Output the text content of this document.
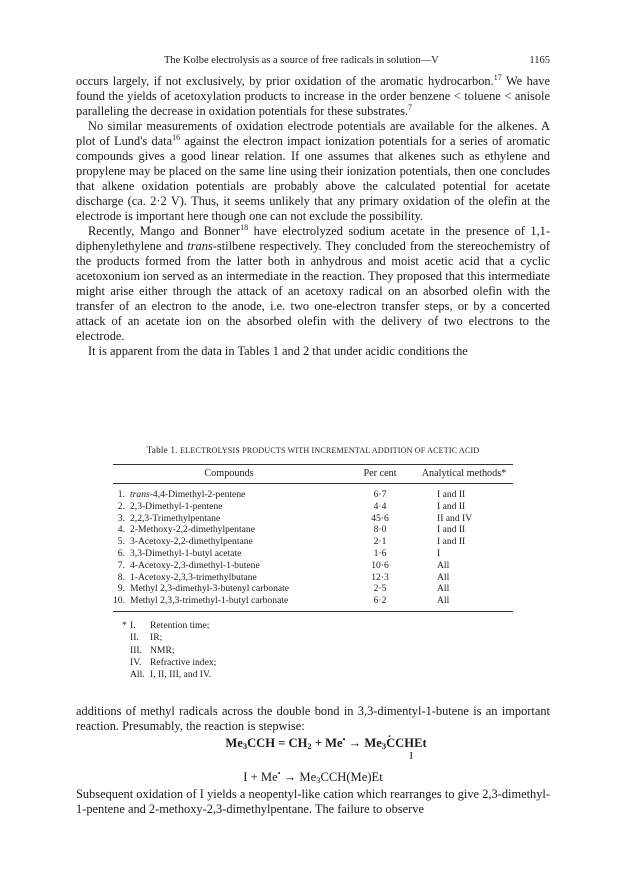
The Kolbe electrolysis as a source of free radicals in solution—V	1165

occurs largely, if not exclusively, by prior oxidation of the aromatic hydrocarbon.$^{17}$ We have found the yields of acetoxylation products to increase in the order benzene < toluene < anisole paralleling the decrease in oxidation potentials for these substrates.$^7$

No similar measurements of oxidation electrode potentials are available for the alkenes. A plot of Lund's data$^{16}$ against the electron impact ionization potentials for a series of aromatic compounds gives a good linear relation. If one assumes that alkenes such as ethylene and propylene may be placed on the same line using their ionization potentials, then one concludes that alkene oxidation potentials are probably above the calculated potential for acetate discharge (ca. 2·2 V). Thus, it seems unlikely that any primary oxidation of the olefin at the electrode is important here though one can not exclude the possibility.

Recently, Mango and Bonner$^{18}$ have electrolyzed sodium acetate in the presence of 1,1-diphenylethylene and trans-stilbene respectively. They concluded from the stereochemistry of the products formed from the latter both in anhydrous and moist acetic acid that a cyclic acetoxonium ion served as an intermediate in the reaction. They proposed that this intermediate might arise either through the attack of an acetoxy radical on an absorbed olefin with the transfer of an electron to the anode, i.e. two one-electron transfer steps, or by a concerted attack of an acetate ion on the absorbed olefin with the delivery of two electrons to the electrode.

It is apparent from the data in Tables 1 and 2 that under acidic conditions the

Table 1. ELECTROLYSIS PRODUCTS WITH INCREMENTAL ADDITION OF ACETIC ACID
Compounds		Per cent	Analytical methods*
1.	trans-4,4-Dimethyl-2-pentene	6·7	I and II
2.	2,3-Dimethyl-1-pentene	4·4	I and II
3.	2,2,3-Trimethylpentane	45·6	II and IV
4.	2-Methoxy-2,2-dimethylpentane	8·0	I and II
5.	3-Acetoxy-2,2-dimethylpentane	2·1	I and II
6.	3,3-Dimethyl-1-butyl acetate	1·6	I
7.	4-Acetoxy-2,3-dimethyl-1-butene	10·6	All
8.	1-Acetoxy-2,3,3-trimethylbutane	12·3	All
9.	Methyl 2,3-dimethyl-3-butenyl carbonate	2·5	All
10.	Methyl 2,3,3-trimethyl-1-butyl carbonate	6·2	All
* I.	Retention time;
II.	IR;
III. NMR;
IV. Refractive index;
All. I, II, III, and IV.

additions of methyl radicals across the double bond in 3,3-dimentyl-1-butene is an important reaction. Presumably, the reaction is stepwise:

$Me_3CCH = CH_2 + Me^• \to Me_3C$ .CHEt
I
$I + Me^• \to Me_3CCH(Me)Et$

Subsequent oxidation of I yields a neopentyl-like cation which rearranges to give 2,3-dimethyl-1-pentene and 2-methoxy-2,3-dimethylpentane. The failure to observe
